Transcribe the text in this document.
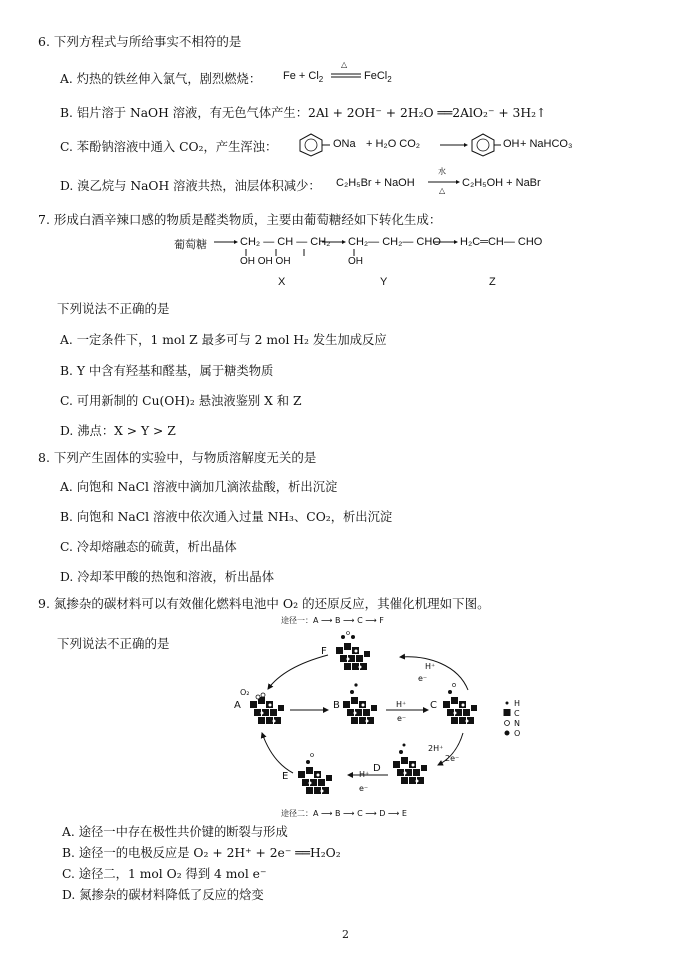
6. 下列方程式与所给事实不相符的是
A. 灼热的铁丝伸入氯气，剧烈燃烧： $Fe + Cl_2$
△
FeCl$_2$
B. 铝片溶于 NaOH 溶液，有无色气体产生：2Al + 2OH⁻ + 2H₂O ══2AlO₂⁻ + 3H₂↑
C. 苯酚钠溶液中通入 CO₂，产生浑浊：	ONa + H₂O CO₂	OH + NaHCO₃
D. 溴乙烷与 NaOH 溶液共热，油层体积减少： C₂H₅Br + NaOH
水
△
C₂H₅OH + NaBr
7. 形成白酒辛辣口感的物质是醛类物质，主要由葡萄糖经如下转化生成：
葡萄糖	CH₂ — CH — CH₂
OH OH OH
CH₂— CH₂— CHO
OH
H₂C═CH— CHO
X	Y	Z
下列说法不正确的是
A. 一定条件下，1 mol Z 最多可与 2 mol H₂ 发生加成反应
B. Y 中含有羟基和醛基，属于糖类物质
C. 可用新制的 Cu(OH)₂ 悬浊液鉴别 X 和 Z
D. 沸点：X > Y > Z
8. 下列产生固体的实验中，与物质溶解度无关的是
A. 向饱和 NaCl 溶液中滴加几滴浓盐酸，析出沉淀
B. 向饱和 NaCl 溶液中依次通入过量 NH₃、CO₂，析出沉淀
C. 冷却熔融态的硫黄，析出晶体
D. 冷却苯甲酸的热饱和溶液，析出晶体
9. 氮掺杂的碳材料可以有效催化燃料电池中 O₂ 的还原反应，其催化机理如下图。
下列说法不正确的是
途径一：A ⟶ B ⟶ C ⟶ F
途径二：A ⟶ B ⟶ C ⟶ D ⟶ E
A	B	C
D
E
F
O₂
H⁺
e⁻
H⁺
e⁻
2H⁺
2e⁻
H⁺
e⁻
H
C
N
O
A. 途径一中存在极性共价键的断裂与形成
B. 途径一的电极反应是 O₂ + 2H⁺ + 2e⁻ ══H₂O₂
C. 途径二，1 mol O₂ 得到 4 mol e⁻
D. 氮掺杂的碳材料降低了反应的焓变
2
